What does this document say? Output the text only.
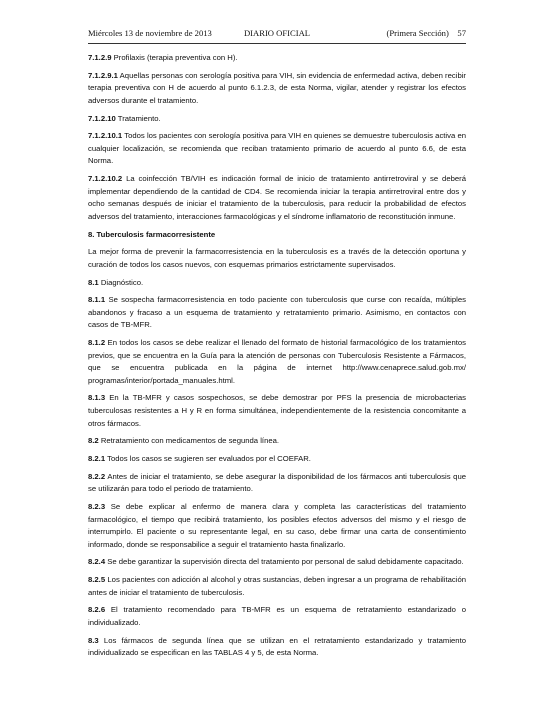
Miércoles 13 de noviembre de 2013	DIARIO OFICIAL	(Primera Sección) 57

7.1.2.9 Profilaxis (terapia preventiva con H).

7.1.2.9.1 Aquellas personas con serología positiva para VIH, sin evidencia de enfermedad activa, deben recibir terapia preventiva con H de acuerdo al punto 6.1.2.3, de esta Norma, vigilar, atender y registrar los efectos adversos durante el tratamiento.

7.1.2.10 Tratamiento.

7.1.2.10.1 Todos los pacientes con serología positiva para VIH en quienes se demuestre tuberculosis activa en cualquier localización, se recomienda que reciban tratamiento primario de acuerdo al punto 6.6, de esta Norma.

7.1.2.10.2 La coinfección TB/VIH es indicación formal de inicio de tratamiento antirretroviral y se deberá implementar dependiendo de la cantidad de CD4. Se recomienda iniciar la terapia antirretroviral entre dos y ocho semanas después de iniciar el tratamiento de la tuberculosis, para reducir la probabilidad de efectos adversos del tratamiento, interacciones farmacológicas y el síndrome inflamatorio de reconstitución inmune.

8. Tuberculosis farmacorresistente

La mejor forma de prevenir la farmacorresistencia en la tuberculosis es a través de la detección oportuna y curación de todos los casos nuevos, con esquemas primarios estrictamente supervisados.

8.1 Diagnóstico.

8.1.1 Se sospecha farmacorresistencia en todo paciente con tuberculosis que curse con recaída, múltiples abandonos y fracaso a un esquema de tratamiento y retratamiento primario. Asimismo, en contactos con casos de TB-MFR.

8.1.2 En todos los casos se debe realizar el llenado del formato de historial farmacológico de los tratamientos previos, que se encuentra en la Guía para la atención de personas con Tuberculosis Resistente a Fármacos, que se encuentra publicada en la página de internet http://www.cenaprece.salud.gob.mx/ programas/interior/portada_manuales.html.

8.1.3 En la TB-MFR y casos sospechosos, se debe demostrar por PFS la presencia de microbacterias tuberculosas resistentes a H y R en forma simultánea, independientemente de la resistencia concomitante a otros fármacos.

8.2 Retratamiento con medicamentos de segunda línea.

8.2.1 Todos los casos se sugieren ser evaluados por el COEFAR.

8.2.2 Antes de iniciar el tratamiento, se debe asegurar la disponibilidad de los fármacos anti tuberculosis que se utilizarán para todo el periodo de tratamiento.

8.2.3 Se debe explicar al enfermo de manera clara y completa las características del tratamiento farmacológico, el tiempo que recibirá tratamiento, los posibles efectos adversos del mismo y el riesgo de interrumpirlo. El paciente o su representante legal, en su caso, debe firmar una carta de consentimiento informado, donde se responsabilice a seguir el tratamiento hasta finalizarlo.

8.2.4 Se debe garantizar la supervisión directa del tratamiento por personal de salud debidamente capacitado.

8.2.5 Los pacientes con adicción al alcohol y otras sustancias, deben ingresar a un programa de rehabilitación antes de iniciar el tratamiento de tuberculosis.

8.2.6 El tratamiento recomendado para TB-MFR es un esquema de retratamiento estandarizado o individualizado.

8.3 Los fármacos de segunda línea que se utilizan en el retratamiento estandarizado y tratamiento individualizado se especifican en las TABLAS 4 y 5, de esta Norma.
